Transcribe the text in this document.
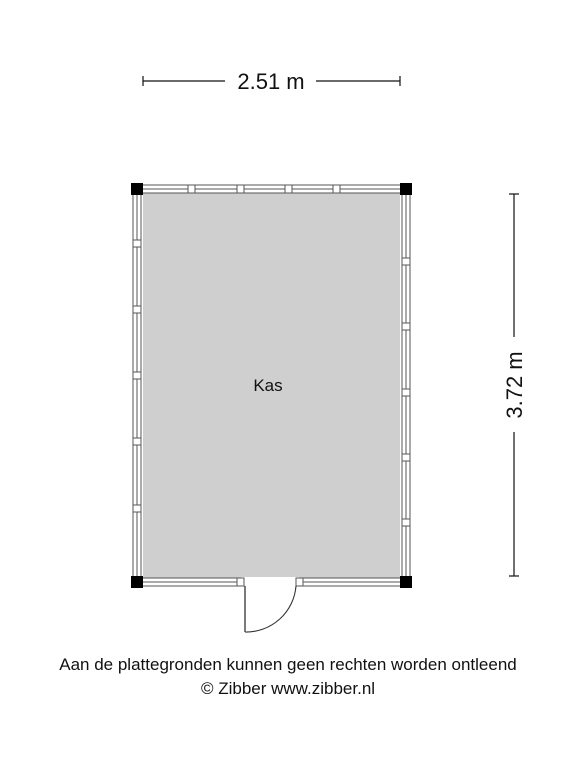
2.51 m
3.72 m
Kas
Aan de plattegronden kunnen geen rechten worden ontleend
© Zibber www.zibber.nl
